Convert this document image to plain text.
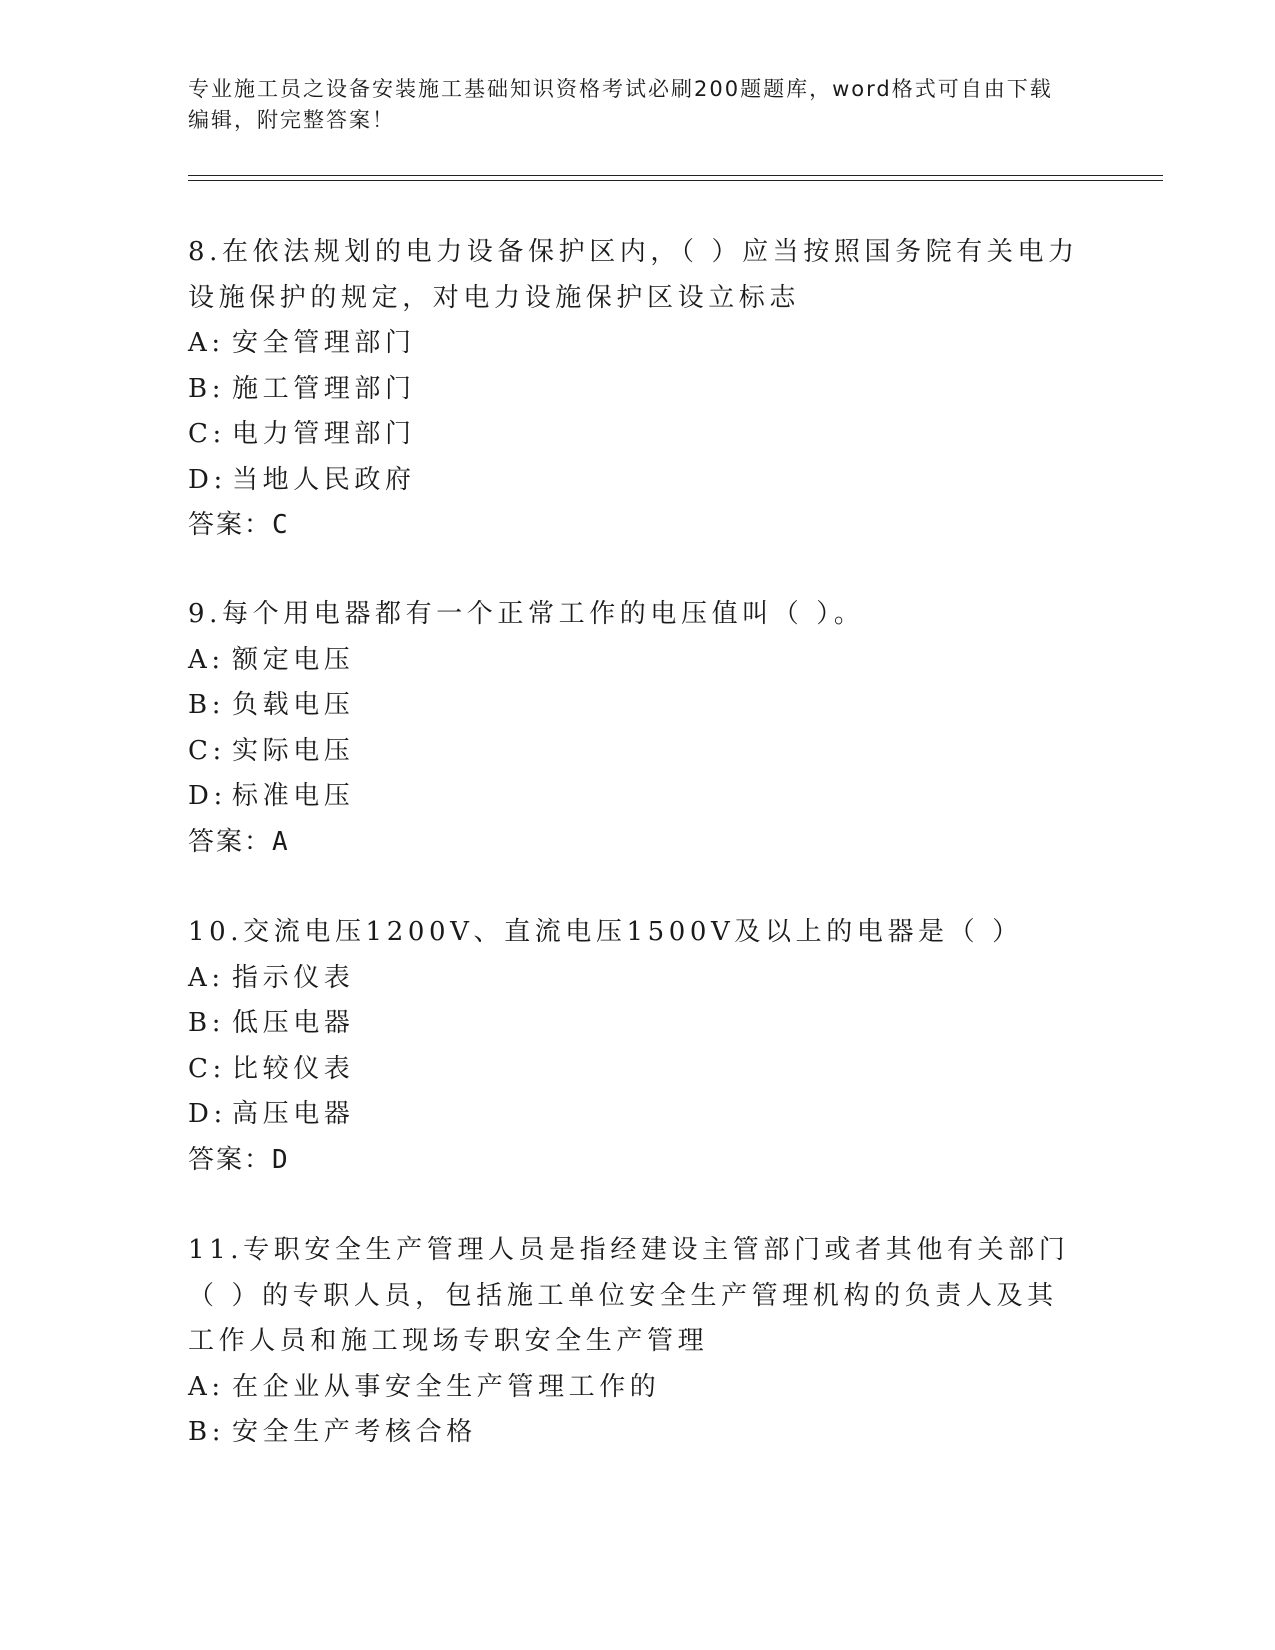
专业施工员之设备安装施工基础知识资格考试必刷200题题库，word格式可自由下载编辑，附完整答案！

8.在依法规划的电力设备保护区内，（ ）应当按照国务院有关电力设施保护的规定，对电力设施保护区设立标志

A: 安全管理部门

B: 施工管理部门

C: 电力管理部门

D: 当地人民政府

答案：C

9.每个用电器都有一个正常工作的电压值叫（ ）。

A: 额定电压

B: 负载电压

C: 实际电压

D: 标准电压

答案：A

10.交流电压1200V、直流电压1500V及以上的电器是（ ）

A: 指示仪表

B: 低压电器

C: 比较仪表

D: 高压电器

答案：D

11.专职安全生产管理人员是指经建设主管部门或者其他有关部门（ ）的专职人员，包括施工单位安全生产管理机构的负责人及其工作人员和施工现场专职安全生产管理

A: 在企业从事安全生产管理工作的

B: 安全生产考核合格
